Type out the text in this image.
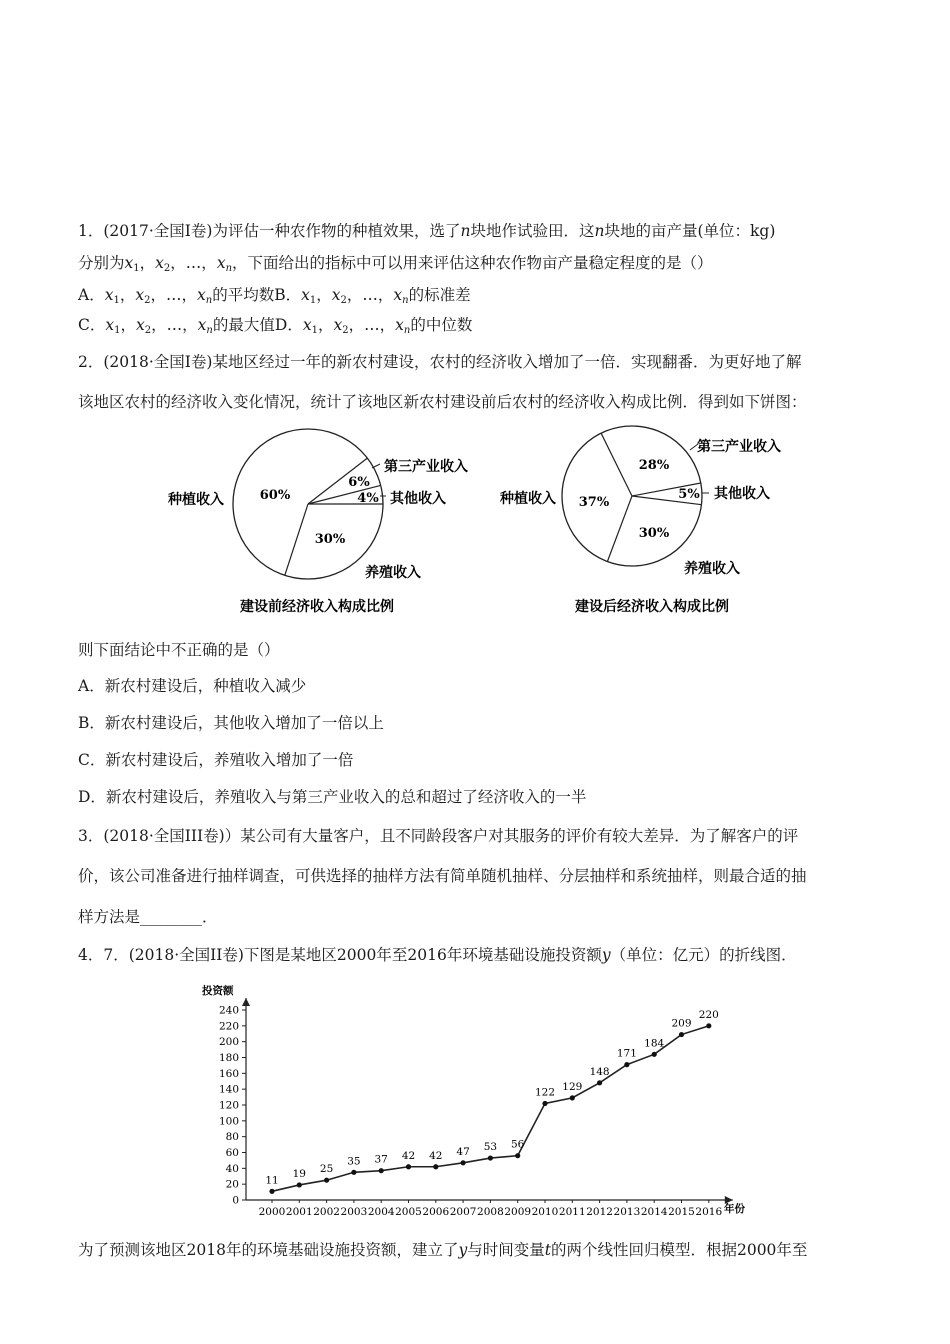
1．(2017·全国Ⅰ卷)为评估一种农作物的种植效果，选了n块地作试验田．这n块地的亩产量(单位：kg)
分别为$x_1$，$x_2$，…，$x_n$，下面给出的指标中可以用来评估这种农作物亩产量稳定程度的是（）
A．$x_1$，$x_2$，…，$x_n$的平均数B．$x_1$，$x_2$，…，$x_n$的标准差
C．$x_1$，$x_2$，…，$x_n$的最大值D．$x_1$，$x_2$，…，$x_n$的中位数
2．(2018·全国Ⅰ卷)某地区经过一年的新农村建设，农村的经济收入增加了一倍．实现翻番．为更好地了解
该地区农村的经济收入变化情况，统计了该地区新农村建设前后农村的经济收入构成比例．得到如下饼图：
60%
6%
4%
30%
种植收入
第三产业收入
其他收入
养殖收入
建设前经济收入构成比例
28%
5%
37%
30%
种植收入
第三产业收入
其他收入
养殖收入
建设后经济收入构成比例
则下面结论中不正确的是（）
A．新农村建设后，种植收入减少
B．新农村建设后，其他收入增加了一倍以上
C．新农村建设后，养殖收入增加了一倍
D．新农村建设后，养殖收入与第三产业收入的总和超过了经济收入的一半
3．(2018·全国III卷)）某公司有大量客户，且不同龄段客户对其服务的评价有较大差异．为了解客户的评
价，该公司准备进行抽样调查，可供选择的抽样方法有简单随机抽样、分层抽样和系统抽样，则最合适的抽
样方法是________．
4．7．(2018·全国II卷)下图是某地区2000年至2016年环境基础设施投资额y（单位：亿元）的折线图．
投资额
年份
0
20
40
60
80
100
120
140
160
180
200
220
240
2000 2001 2002 2003 2004 2005 2006 2007 2008 2009 2010 2011 2012 2013 2014 2015 2016
11
19 25
35 37 42 42 47 53 56
122 129
148
171
184
209
220
为了预测该地区2018年的环境基础设施投资额，建立了y与时间变量t的两个线性回归模型．根据2000年至
